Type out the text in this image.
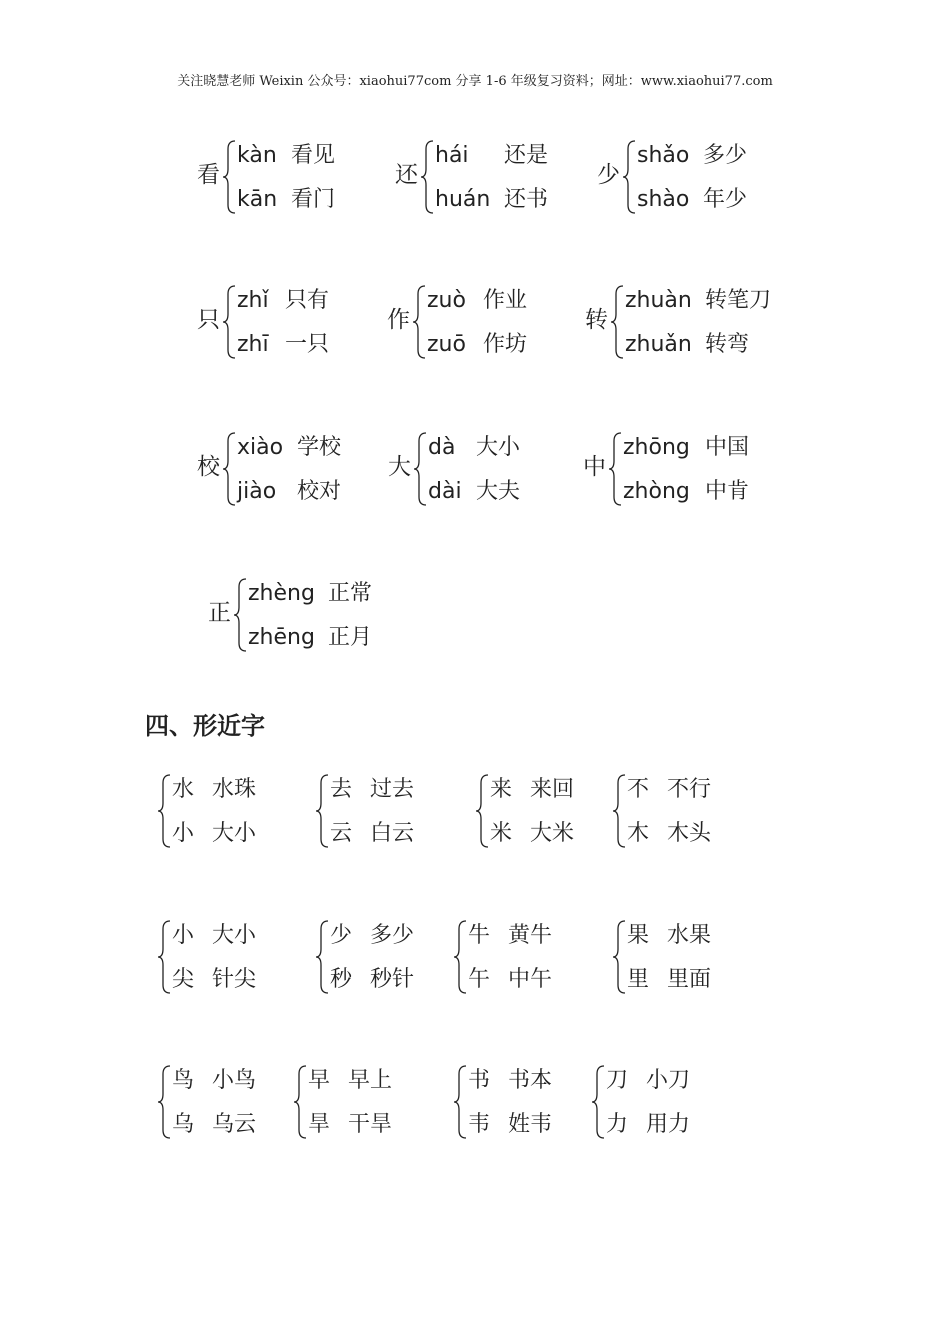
关注晓慧老师 Weixin 公众号：xiaohui77com 分享 1-6 年级复习资料；网址：www.xiaohui77.com
看
kàn 看见
kān 看门
还
hái 还是
huán 还书
少
shǎo 多少
shào 年少
只
zhǐ 只有
zhī 一只
作
zuò 作业
zuō 作坊
转
zhuàn 转笔刀
zhuǎn 转弯
校
xiào 学校
jiào 校对
大
dà 大小
dài 大夫
中
zhōng 中国
zhòng 中肯
正
zhèng 正常
zhēng 正月
四、形近字
水 水珠
小 大小
去 过去
云 白云
来 来回
米 大米
不 不行
木 木头
小 大小
尖 针尖
少 多少
秒 秒针
牛 黄牛
午 中午
果 水果
里 里面
鸟 小鸟
乌 乌云
早 早上
旱 干旱
书 书本
韦 姓韦
刀 小刀
力 用力
